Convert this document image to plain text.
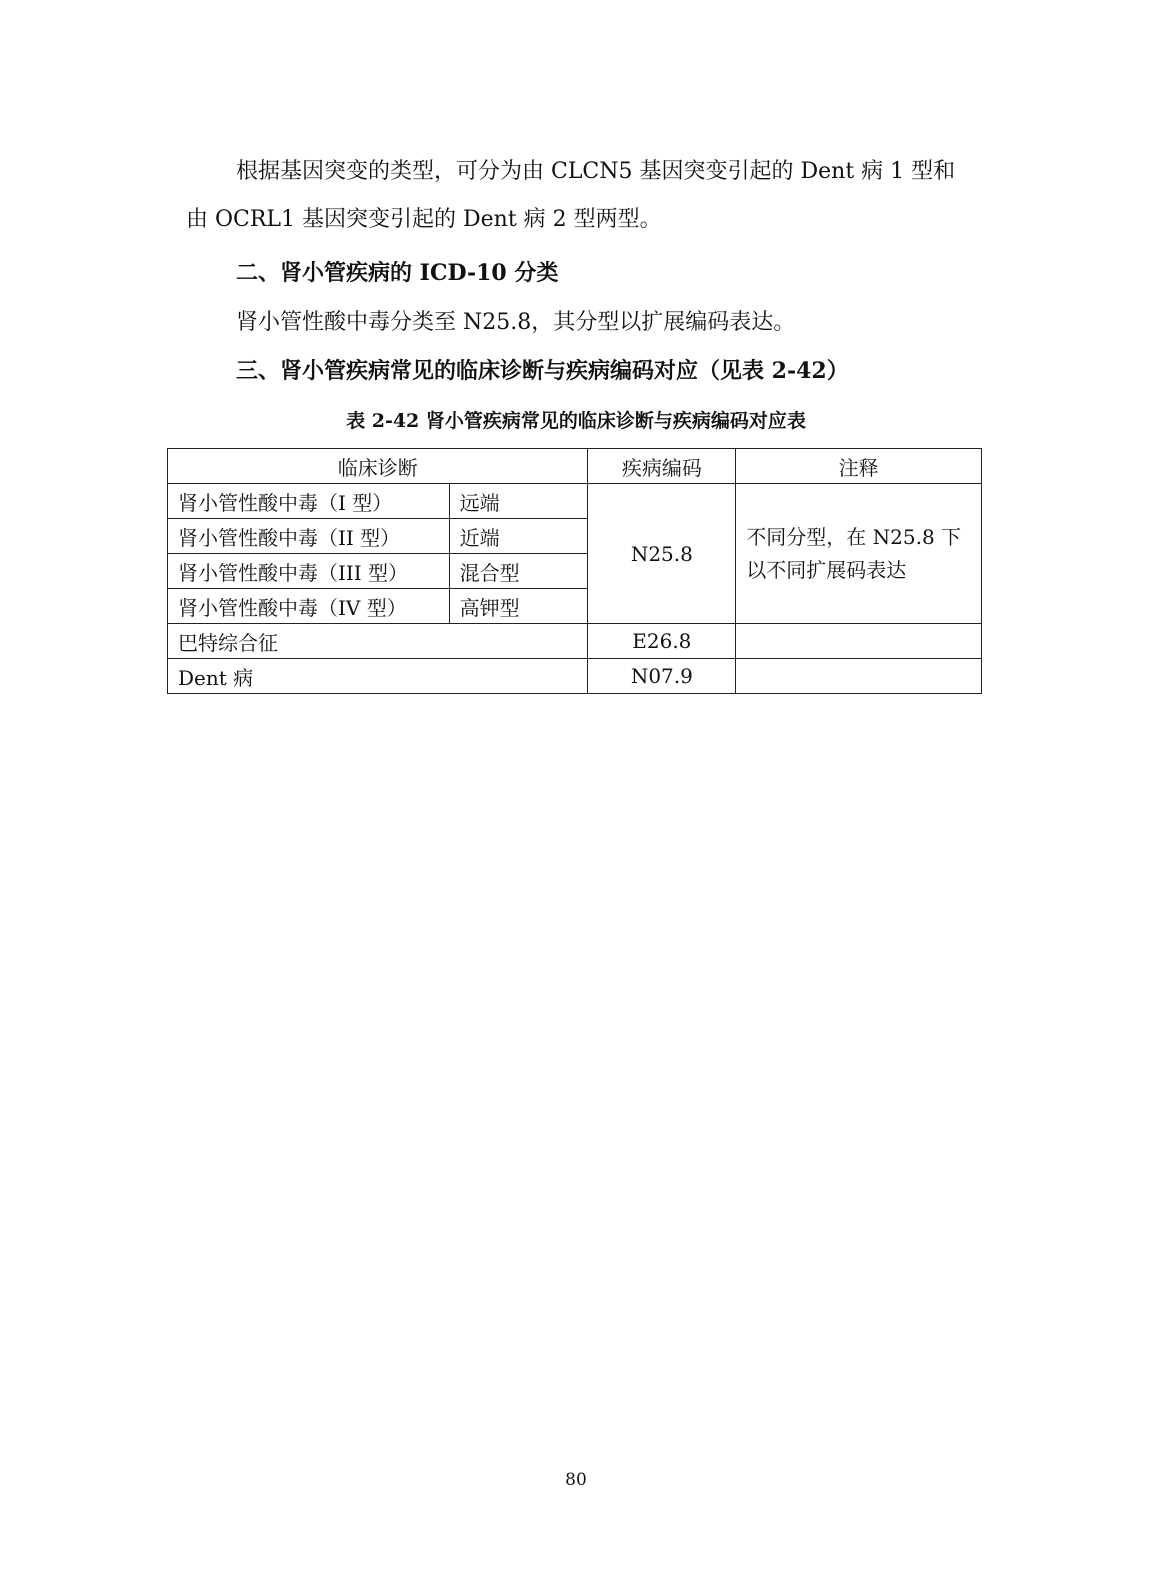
根据基因突变的类型，可分为由 CLCN5 基因突变引起的 Dent 病 1 型和由 OCRL1 基因突变引起的 Dent 病 2 型两型。

二、肾小管疾病的 ICD-10 分类

肾小管性酸中毒分类至 N25.8，其分型以扩展编码表达。

三、肾小管疾病常见的临床诊断与疾病编码对应（见表 2-42）

表 2-42 肾小管疾病常见的临床诊断与疾病编码对应表
临床诊断		疾病编码	注释
肾小管性酸中毒（I 型）	远端	N25.8	不同分型，在 N25.8 下以不同扩展码表达
肾小管性酸中毒（II 型）	近端		
肾小管性酸中毒（III 型）	混合型		
肾小管性酸中毒（IV 型）	高钾型		
巴特综合征		E26.8	
Dent 病		N07.9	
80
